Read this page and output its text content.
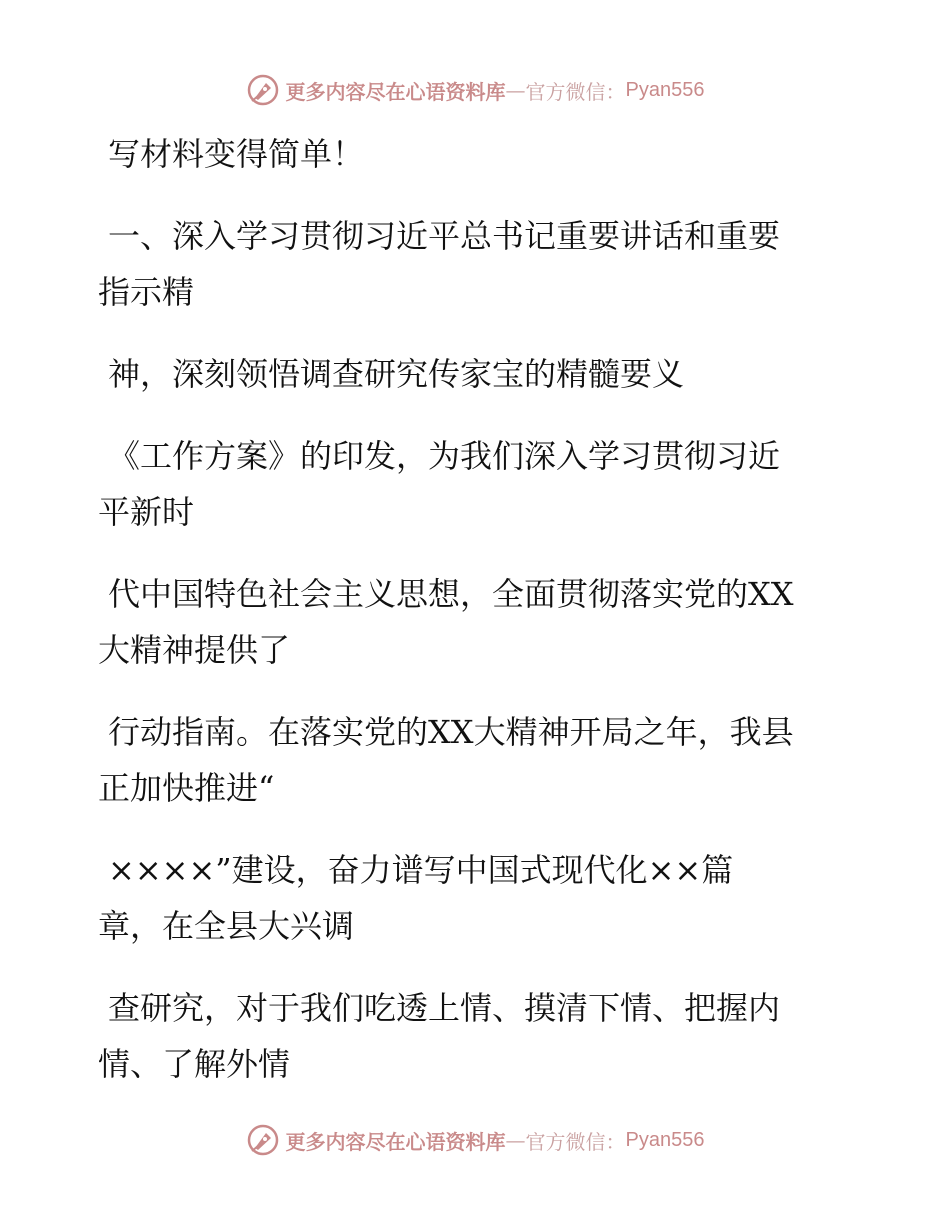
更多内容尽在心语资料库 — 官方微信： Pyan556
写材料变得简单！
一、深入学习贯彻习近平总书记重要讲话和重要
指示精
神，深刻领悟调查研究传家宝的精髓要义
《工作方案》的印发，为我们深入学习贯彻习近
平新时
代中国特色社会主义思想，全面贯彻落实党的XX
大精神提供了
行动指南。在落实党的XX大精神开局之年，我县
正加快推进“
××××”建设，奋力谱写中国式现代化××篇
章，在全县大兴调
查研究，对于我们吃透上情、摸清下情、把握内
情、了解外情
更多内容尽在心语资料库 — 官方微信： Pyan556
